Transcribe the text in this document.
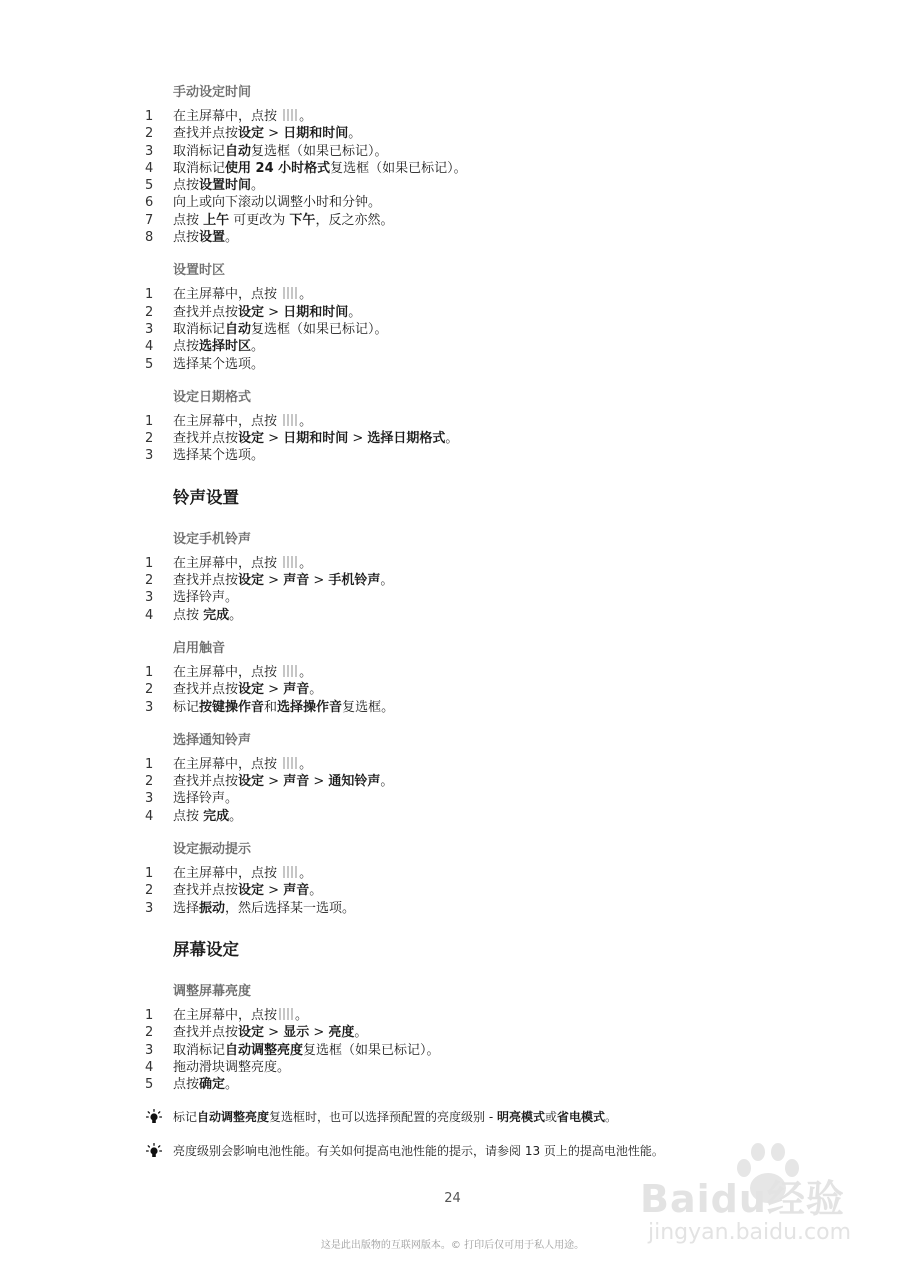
手动设定时间
1	在主屏幕中，点按 。
2	查找并点按设定 > 日期和时间。
3	取消标记自动复选框（如果已标记）。
4	取消标记使用 24 小时格式复选框（如果已标记）。
5	点按设置时间。
6	向上或向下滚动以调整小时和分钟。
7	点按 上午 可更改为 下午，反之亦然。
8	点按设置。
设置时区
1	在主屏幕中，点按 。
2	查找并点按设定 > 日期和时间。
3	取消标记自动复选框（如果已标记）。
4	点按选择时区。
5	选择某个选项。
设定日期格式
1	在主屏幕中，点按 。
2	查找并点按设定 > 日期和时间 > 选择日期格式。
3	选择某个选项。
铃声设置
设定手机铃声
1	在主屏幕中，点按 。
2	查找并点按设定 > 声音 > 手机铃声。
3	选择铃声。
4	点按 完成。
启用触音
1	在主屏幕中，点按 。
2	查找并点按设定 > 声音。
3	标记按键操作音和选择操作音复选框。
选择通知铃声
1	在主屏幕中，点按 。
2	查找并点按设定 > 声音 > 通知铃声。
3	选择铃声。
4	点按 完成。
设定振动提示
1	在主屏幕中，点按 。
2	查找并点按设定 > 声音。
3	选择振动，然后选择某一选项。
屏幕设定
调整屏幕亮度
1	在主屏幕中，点按 。
2	查找并点按设定 > 显示 > 亮度。
3	取消标记自动调整亮度复选框（如果已标记）。
4	拖动滑块调整亮度。
5	点按确定。
标记自动调整亮度复选框时，也可以选择预配置的亮度级别 - 明亮模式或省电模式。
亮度级别会影响电池性能。有关如何提高电池性能的提示，请参阅 13 页上的提高电池性能。
24
这是此出版物的互联网版本。© 打印后仅可用于私人用途。
Baidu经验
jingyan.baidu.com
